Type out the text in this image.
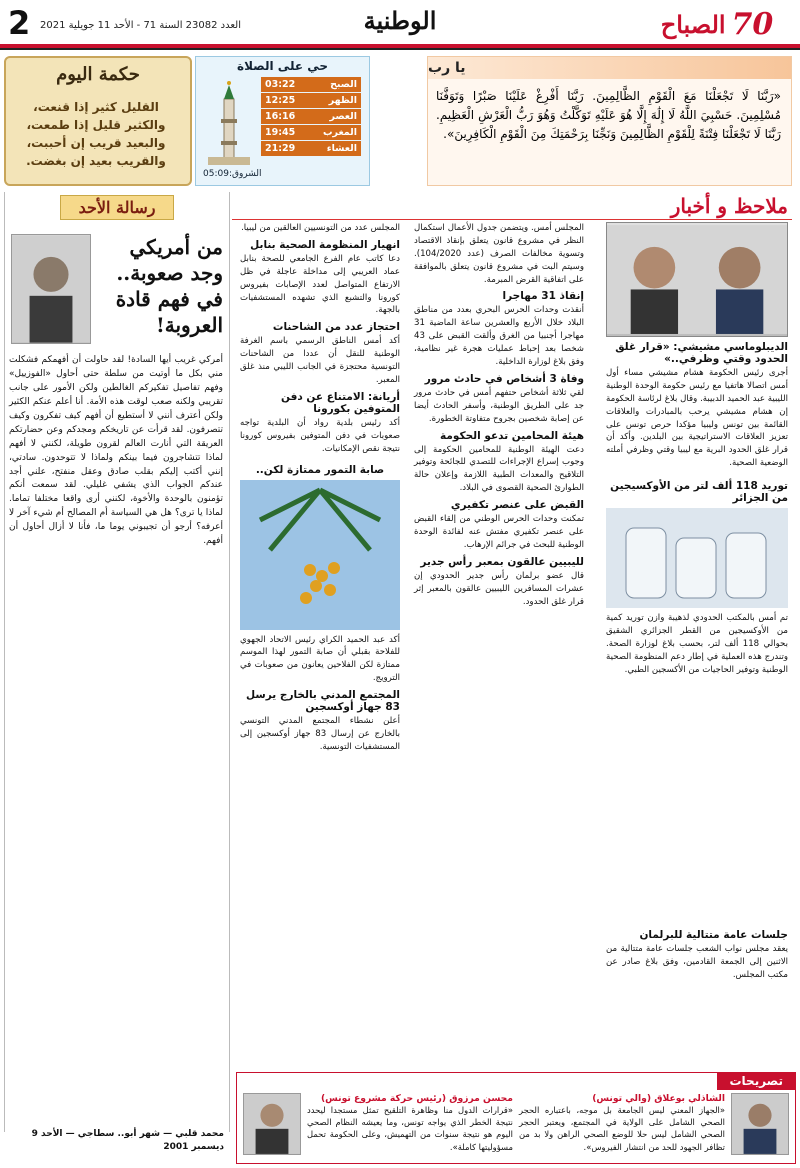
70
الصباح
الوطنية
العدد 23082 السنة 71 - الأحد 11 جويلية 2021
2
يا رب
«رَبَّنَا لَا تَجْعَلْنَا مَعَ الْقَوْمِ الظَّالِمِينَ. رَبَّنَا أَفْرِغْ عَلَيْنَا صَبْرًا وَتَوَفَّنَا مُسْلِمِينَ. حَسْبِيَ اللَّهُ لَا إِلَٰهَ إِلَّا هُوَ عَلَيْهِ تَوَكَّلْتُ وَهُوَ رَبُّ الْعَرْشِ الْعَظِيمِ. رَبَّنَا لَا تَجْعَلْنَا فِتْنَةً لِلْقَوْمِ الظَّالِمِينَ وَنَجِّنَا بِرَحْمَتِكَ مِنَ الْقَوْمِ الْكَافِرِينَ».
حي على الصلاة
الصبح
03:22
الظهر
12:25
العصر
16:16
المغرب
19:45
العشاء
21:29
الشروق:05:09
حكمة اليوم
القليل كثير إذا قنعت، والكثير قليل إذا طمعت، والبعيد قريب إن أحببت، والقريب بعيد إن بغضت.
ملاحظ و أخبار
الديبلوماسي مشيشي: «قرار غلق الحدود وقتي وظرفي..»
أجرى رئيس الحكومة هشام مشيشي مساء أول أمس اتصالا هاتفيا مع رئيس حكومة الوحدة الوطنية الليبية عبد الحميد الدبيبة. وقال بلاغ لرئاسة الحكومة إن هشام مشيشي يرحب بالمبادرات والعلاقات القائمة بين تونس وليبيا مؤكدا حرص تونس على تعزيز العلاقات الاستراتيجية بين البلدين. وأكد أن قرار غلق الحدود البرية مع ليبيا وقتي وظرفي أملته الوضعية الصحية.
توريد 118 ألف لتر من الأوكسيجين من الجزائر
تم أمس بالمكتب الحدودي لذهيبة وازن توريد كمية من الأوكسيجين من القطر الجزائري الشقيق بحوالي 118 ألف لتر، بحسب بلاغ لوزارة الصحة. وتندرج هذه العملية في إطار دعم المنظومة الصحية الوطنية وتوفير الحاجيات من الأكسجين الطبي.
جلسات عامة متتالية للبرلمان
يعقد مجلس نواب الشعب جلسات عامة متتالية من الاثنين إلى الجمعة القادمين، وفق بلاغ صادر عن مكتب المجلس.
المجلس أمس. ويتضمن جدول الأعمال استكمال النظر في مشروع قانون يتعلق بإنقاذ الاقتصاد وتسوية مخالفات الصرف (عدد 104/2020). وسيتم البت في مشروع قانون يتعلق بالموافقة على اتفاقية القرض المبرمة.
إنقاذ 31 مهاجرا
أنقذت وحدات الحرس البحري بعدد من مناطق البلاد خلال الأربع والعشرين ساعة الماضية 31 مهاجرا أجنبيا من الغرق وألقت القبض على 43 شخصا بعد إحباط عمليات هجرة غير نظامية، وفق بلاغ لوزارة الداخلية.
وفاة 3 أشخاص في حادث مرور
لقي ثلاثة أشخاص حتفهم أمس في حادث مرور جد على الطريق الوطنية، وأسفر الحادث أيضا عن إصابة شخصين بجروح متفاوتة الخطورة.
هيئة المحامين تدعو الحكومة
دعت الهيئة الوطنية للمحامين الحكومة إلى وجوب إسراع الإجراءات للتصدي للجائحة وتوفير التلاقيح والمعدات الطبية اللازمة وإعلان حالة الطوارئ الصحية القصوى في البلاد.
القبض على عنصر تكفيري
تمكنت وحدات الحرس الوطني من إلقاء القبض على عنصر تكفيري مفتش عنه لفائدة الوحدة الوطنية للبحث في جرائم الإرهاب.
لليبيين عالقون بمعبر رأس جدير
قال عضو برلمان رأس جدير الحدودي إن عشرات المسافرين الليبيين عالقون بالمعبر إثر قرار غلق الحدود.
المجلس عدد من التونسيين العالقين من ليبيا.
انهيار المنظومة الصحية بنابل
دعا كاتب عام الفرع الجامعي للصحة بنابل عماد العريبي إلى مداخلة عاجلة في ظل الارتفاع المتواصل لعدد الإصابات بفيروس كورونا والتشبع الذي تشهده المستشفيات بالجهة.
احتجاز عدد من الشاحنات
أكد أمس الناطق الرسمي باسم الغرفة الوطنية للنقل أن عددا من الشاحنات التونسية محتجزة في الجانب الليبي منذ غلق المعبر.
أريانة: الامتناع عن دفن المتوفين بكورونا
أكد رئيس بلدية رواد أن البلدية تواجه صعوبات في دفن المتوفين بفيروس كورونا نتيجة نقص الإمكانيات.
صابة التمور ممتازة لكن..
أكد عبد الحميد الكراي رئيس الاتحاد الجهوي للفلاحة بقبلي أن صابة التمور لهذا الموسم ممتازة لكن الفلاحين يعانون من صعوبات في الترويج.
المجتمع المدني بالخارج يرسل 83 جهاز أوكسجين
أعلن نشطاء المجتمع المدني التونسي بالخارج عن إرسال 83 جهاز أوكسجين إلى المستشفيات التونسية.
رسالة الأحد
من أمريكي وجد صعوبة.. في فهم قادة العروبة!
أمركي غريب أيها السادة! لقد حاولت أن أفهمكم فشكلت مني بكل ما أوتيت من سلطة حتى أحاول «الفوزييل» وفهم تفاصيل تفكيركم الغالطين ولكن الأمور على جانب تقريبي ولكنه صعب لوقت هذه الأمة. أنا أعلم عنكم الكثير ولكن أعترف أنني لا أستطيع أن أفهم كيف تفكرون وكيف تتصرفون. لقد قرأت عن تاريخكم ومجدكم وعن حضارتكم العريقة التي أنارت العالم لقرون طويلة، لكنني لا أفهم لماذا تتشاجرون فيما بينكم ولماذا لا تتوحدون. سادتي، إنني أكتب إليكم بقلب صادق وعقل منفتح، علني أجد عندكم الجواب الذي يشفي غليلي. لقد سمعت أنكم تؤمنون بالوحدة والأخوة، لكنني أرى واقعا مختلفا تماما. لماذا يا ترى؟ هل هي السياسة أم المصالح أم شيء آخر لا أعرفه؟ أرجو أن تجيبوني يوما ما، فأنا لا أزال أحاول أن أفهم.
محمد قلبي — شهر أبو.. سطاجي — الأحد 9 ديسمبر 2001
تصريحات
الشاذلي بوعلاق (والي تونس)
«الجهاز المعني ليس الجامعة بل موجه، باعتباره الحجر الصحي الشامل على الولاية في المجتمع، ويعتبر الحجر الصحي الشامل ليس حلا للوضع الصحي الراهن ولا بد من تظافر الجهود للحد من انتشار الفيروس».
محسن مرزوق (رئيس حركة مشروع تونس)
«قرارات الدول منا وظاهرة التلقيح تمثل مستجدا ليحدد نتيجة الخطر الذي يواجه تونس، وما يعيشه النظام الصحي اليوم هو نتيجة سنوات من التهميش، وعلى الحكومة تحمل مسؤوليتها كاملة».
